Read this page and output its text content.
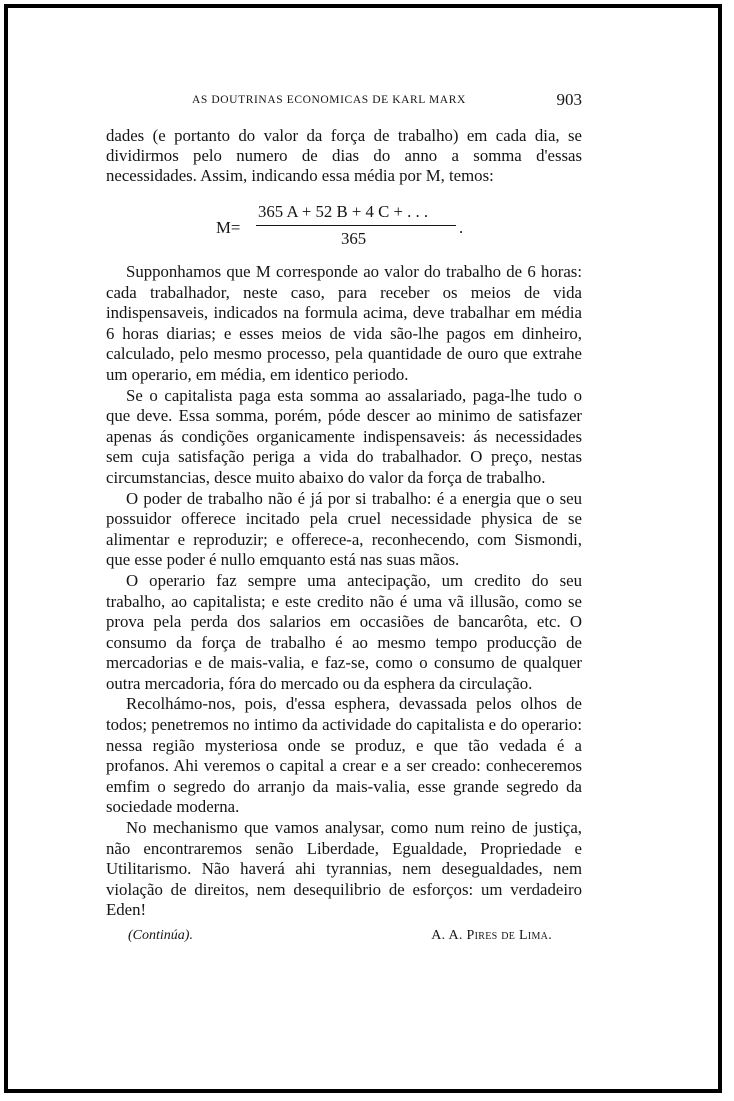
AS DOUTRINAS ECONOMICAS DE KARL MARX	903

dades (e portanto do valor da força de trabalho) em cada dia, se dividirmos pelo numero de dias do anno a somma d'essas necessidades. Assim, indicando essa média por M, temos:

M=
365 A + 52 B + 4 C + . . .
365
.

Supponhamos que M corresponde ao valor do trabalho de 6 horas: cada trabalhador, neste caso, para receber os meios de vida indispensaveis, indicados na formula acima, deve trabalhar em média 6 horas diarias; e esses meios de vida são-lhe pagos em dinheiro, calculado, pelo mesmo processo, pela quantidade de ouro que extrahe um operario, em média, em identico periodo.

Se o capitalista paga esta somma ao assalariado, paga-lhe tudo o que deve. Essa somma, porém, póde descer ao minimo de satisfazer apenas ás condições organicamente indispensaveis: ás necessidades sem cuja satisfação periga a vida do trabalhador. O preço, nestas circumstancias, desce muito abaixo do valor da força de trabalho.

O poder de trabalho não é já por si trabalho: é a energia que o seu possuidor offerece incitado pela cruel necessidade physica de se alimentar e reproduzir; e offerece-a, reconhecendo, com Sismondi, que esse poder é nullo emquanto está nas suas mãos.

O operario faz sempre uma antecipação, um credito do seu trabalho, ao capitalista; e este credito não é uma vã illusão, como se prova pela perda dos salarios em occasiões de bancarôta, etc. O consumo da força de trabalho é ao mesmo tempo producção de mercadorias e de mais-valia, e faz-se, como o consumo de qualquer outra mercadoria, fóra do mercado ou da esphera da circulação.

Recolhámo-nos, pois, d'essa esphera, devassada pelos olhos de todos; penetremos no intimo da actividade do capitalista e do operario: nessa região mysteriosa onde se produz, e que tão vedada é a profanos. Ahi veremos o capital a crear e a ser creado: conheceremos emfim o segredo do arranjo da mais-valia, esse grande segredo da sociedade moderna.

No mechanismo que vamos analysar, como num reino de justiça, não encontraremos senão Liberdade, Egualdade, Propriedade e Utilitarismo. Não haverá ahi tyrannias, nem desegualdades, nem violação de direitos, nem desequilibrio de esforços: um verdadeiro Eden!

(Continúa).	A. A. Pires de Lima.
